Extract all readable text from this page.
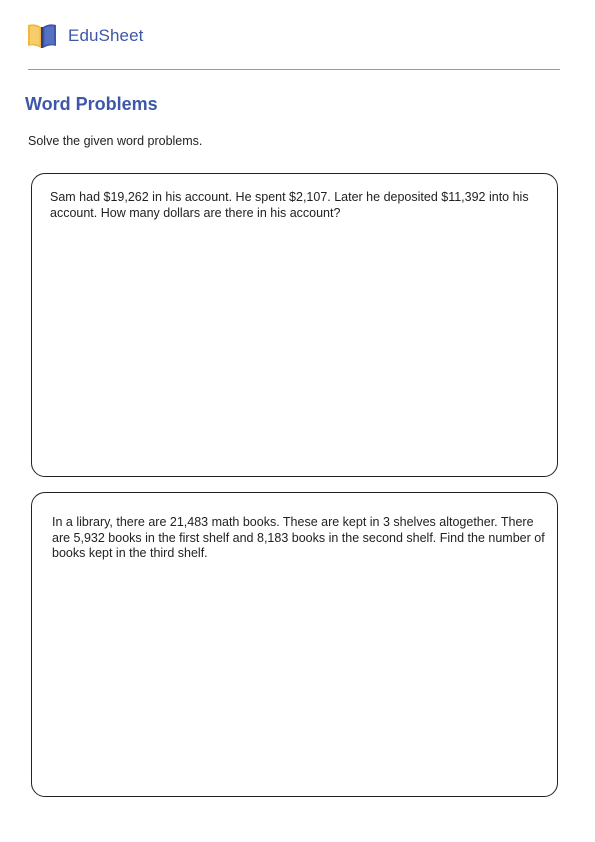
EduSheet
Word Problems

Solve the given word problems.

Sam had $19,262 in his account. He spent $2,107. Later he deposited $11,392 into his account. How many dollars are there in his account?

In a library, there are 21,483 math books. These are kept in 3 shelves altogether. There are 5,932 books in the first shelf and 8,183 books in the second shelf. Find the number of books kept in the third shelf.
